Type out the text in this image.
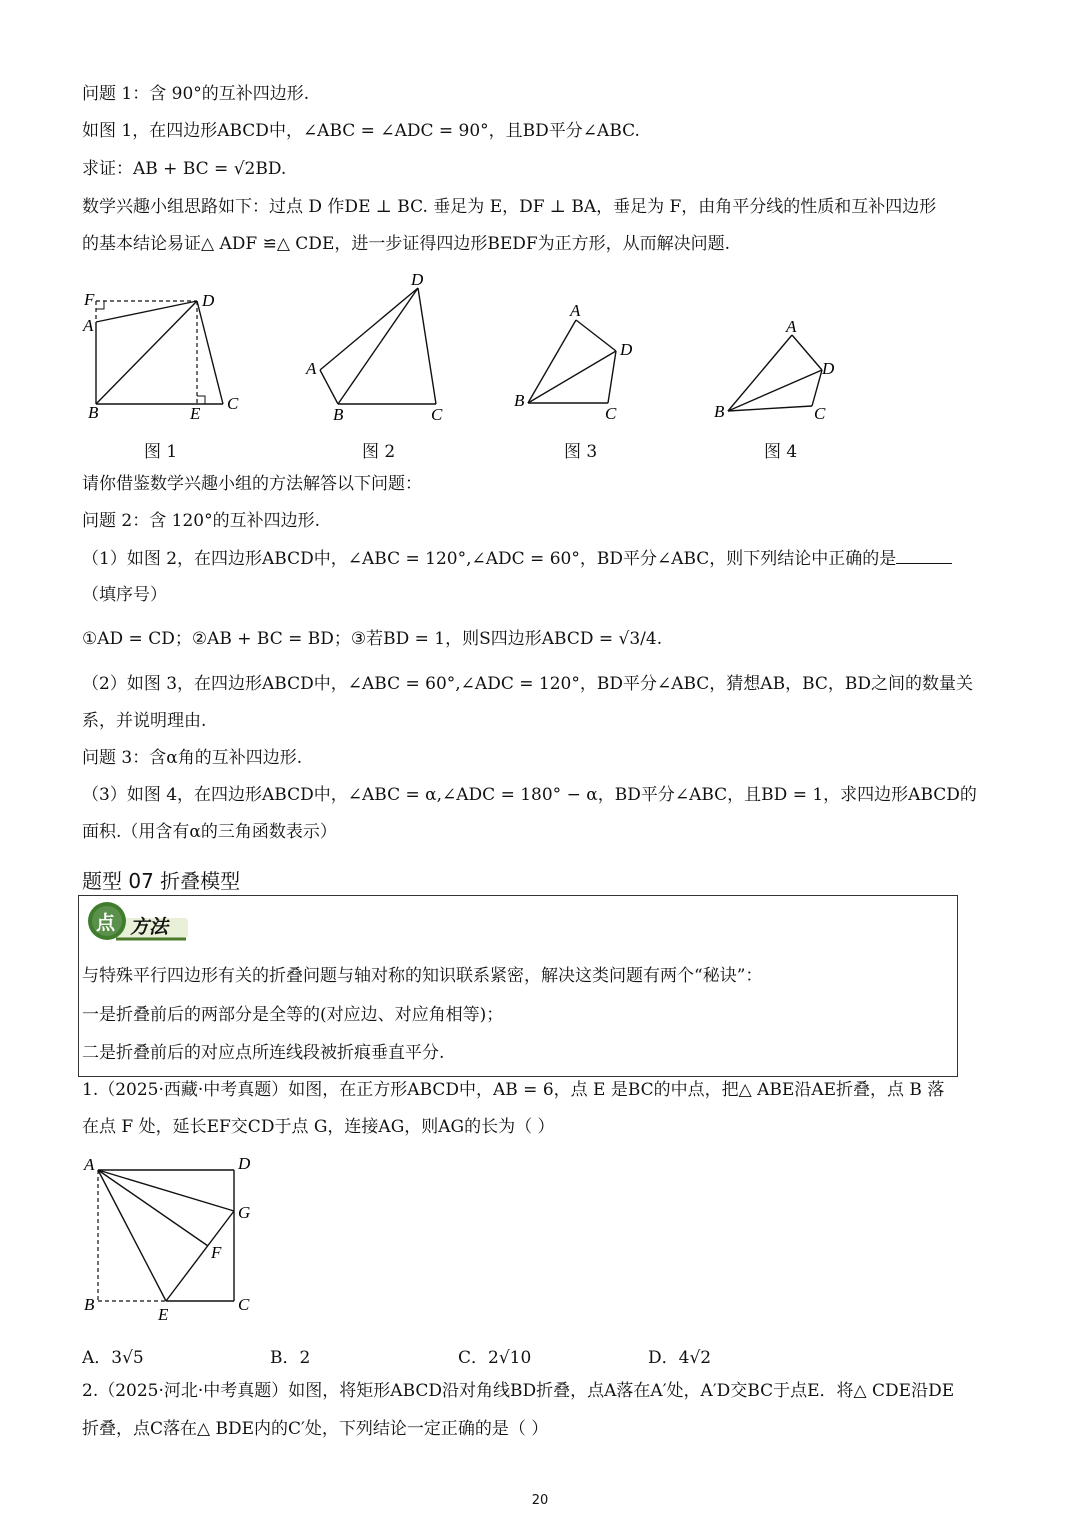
问题 1：含 90°的互补四边形.
如图 1，在四边形ABCD中，∠ABC = ∠ADC = 90°，且BD平分∠ABC.
求证：AB + BC = √2BD.
数学兴趣小组思路如下：过点 D 作DE ⊥ BC. 垂足为 E，DF ⊥ BA，垂足为 F，由角平分线的性质和互补四边形
的基本结论易证△ ADF ≌△ CDE，进一步证得四边形BEDF为正方形，从而解决问题.
F	D
A
B	E
C
D
A
B	C
A
D
B
C
A
D
B	C
图 1	图 2	图 3	图 4
请你借鉴数学兴趣小组的方法解答以下问题：
问题 2：含 120°的互补四边形.
（1）如图 2，在四边形ABCD中，∠ABC = 120°,∠ADC = 60°，BD平分∠ABC，则下列结论中正确的是
（填序号）
①AD = CD；②AB + BC = BD；③若BD = 1，则S四边形ABCD = √3/4.
（2）如图 3，在四边形ABCD中，∠ABC = 60°,∠ADC = 120°，BD平分∠ABC，猜想AB，BC，BD之间的数量关
系，并说明理由.
问题 3：含α角的互补四边形.
（3）如图 4，在四边形ABCD中，∠ABC = α,∠ADC = 180° − α，BD平分∠ABC，且BD = 1，求四边形ABCD的
面积.（用含有α的三角函数表示）
题型 07 折叠模型
方法
点
与特殊平行四边形有关的折叠问题与轴对称的知识联系紧密，解决这类问题有两个“秘诀”：
一是折叠前后的两部分是全等的(对应边、对应角相等)；
二是折叠前后的对应点所连线段被折痕垂直平分.
1.（2025·西藏·中考真题）如图，在正方形ABCD中，AB = 6，点 E 是BC的中点，把△ ABE沿AE折叠，点 B 落
在点 F 处，延长EF交CD于点 G，连接AG，则AG的长为（ ）
A	D
G
F
B
E
C
A．3√5	B．2	C．2√10	D．4√2
2.（2025·河北·中考真题）如图，将矩形ABCD沿对角线BD折叠，点A落在A′处，A′D交BC于点E．将△ CDE沿DE
折叠，点C落在△ BDE内的C′处，下列结论一定正确的是（ ）
20
